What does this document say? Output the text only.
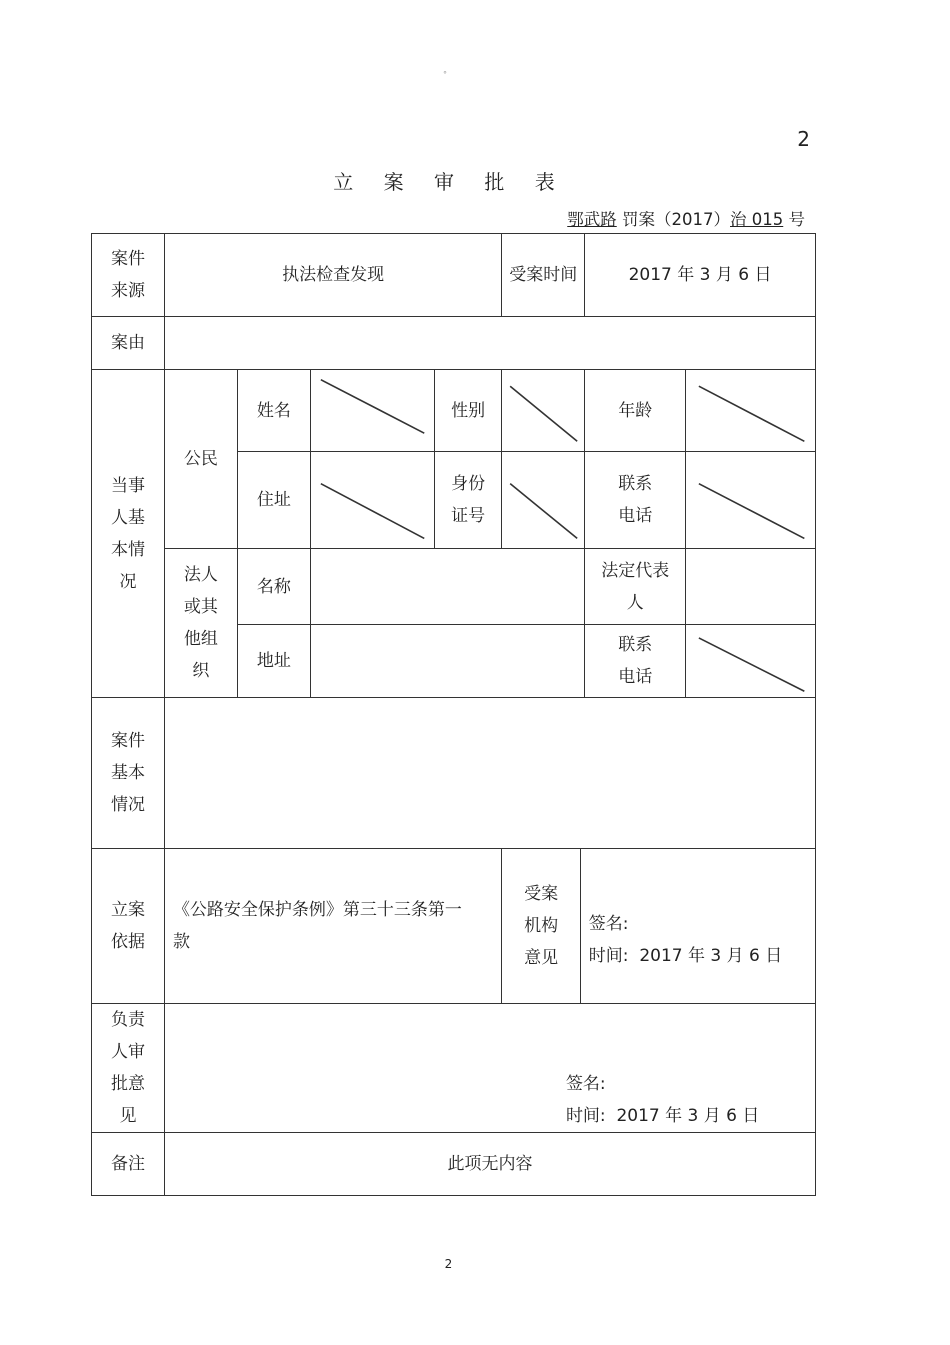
°
2
立 案 审 批 表
鄂武路 罚案（2017）治 015 号
案件来源	执法检查发现				受案时间		2017 年 3 月 6 日	
案由								
当事人基本情况	公民	姓名		性别			年龄	

		住址		身份证号			联系电话	

	法人或其他组织	名称					法定代表人	
		地址					联系电话	

案件基本情况								
立案依据	《公路安全保护条例》第三十三条第一款				受案机构意见	签名:
时间: 2017 年 3 月 6 日		

负责人审批意见	签名:
时间: 2017 年 3 月 6 日							

备注	此项无内容							
2
